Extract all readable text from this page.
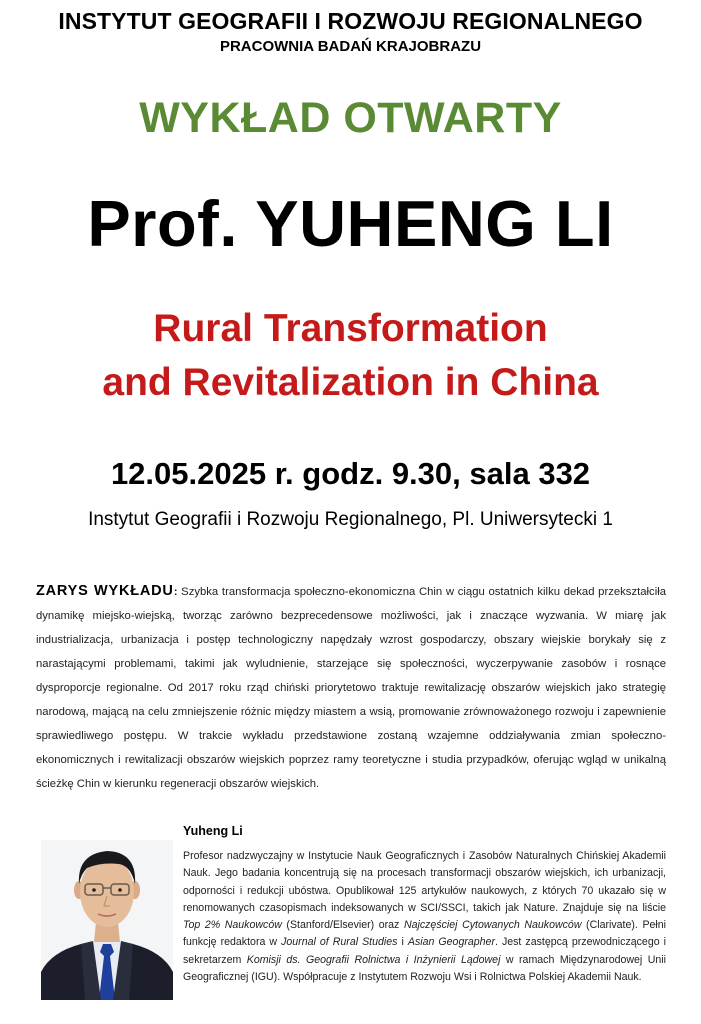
INSTYTUT GEOGRAFII I ROZWOJU REGIONALNEGO
PRACOWNIA BADAŃ KRAJOBRAZU
WYKŁAD OTWARTY
Prof. YUHENG LI
Rural Transformation
and Revitalization in China
12.05.2025 r. godz. 9.30, sala 332
Instytut Geografii i Rozwoju Regionalnego, Pl. Uniwersytecki 1
ZARYS WYKŁADU: Szybka transformacja społeczno-ekonomiczna Chin w ciągu ostatnich kilku dekad przekształciła dynamikę miejsko-wiejską, tworząc zarówno bezprecedensowe możliwości, jak i znaczące wyzwania. W miarę jak industrializacja, urbanizacja i postęp technologiczny napędzały wzrost gospodarczy, obszary wiejskie borykały się z narastającymi problemami, takimi jak wyludnienie, starzejące się społeczności, wyczerpywanie zasobów i rosnące dysproporcje regionalne. Od 2017 roku rząd chiński priorytetowo traktuje rewitalizację obszarów wiejskich jako strategię narodową, mającą na celu zmniejszenie różnic między miastem a wsią, promowanie zrównoważonego rozwoju i zapewnienie sprawiedliwego postępu. W trakcie wykładu przedstawione zostaną wzajemne oddziaływania zmian społeczno-ekonomicznych i rewitalizacji obszarów wiejskich poprzez ramy teoretyczne i studia przypadków, oferując wgląd w unikalną ścieżkę Chin w kierunku regeneracji obszarów wiejskich.
Yuheng Li
Profesor nadzwyczajny w Instytucie Nauk Geograficznych i Zasobów Naturalnych Chińskiej Akademii Nauk. Jego badania koncentrują się na procesach transformacji obszarów wiejskich, ich urbanizacji, odporności i redukcji ubóstwa. Opublikował 125 artykułów naukowych, z których 70 ukazało się w renomowanych czasopismach indeksowanych w SCI/SSCI, takich jak Nature. Znajduje się na liście Top 2% Naukowców (Stanford/Elsevier) oraz Najczęściej Cytowanych Naukowców (Clarivate). Pełni funkcję redaktora w Journal of Rural Studies i Asian Geographer. Jest zastępcą przewodniczącego i sekretarzem Komisji ds. Geografii Rolnictwa i Inżynierii Lądowej w ramach Międzynarodowej Unii Geograficznej (IGU). Współpracuje z Instytutem Rozwoju Wsi i Rolnictwa Polskiej Akademii Nauk.
